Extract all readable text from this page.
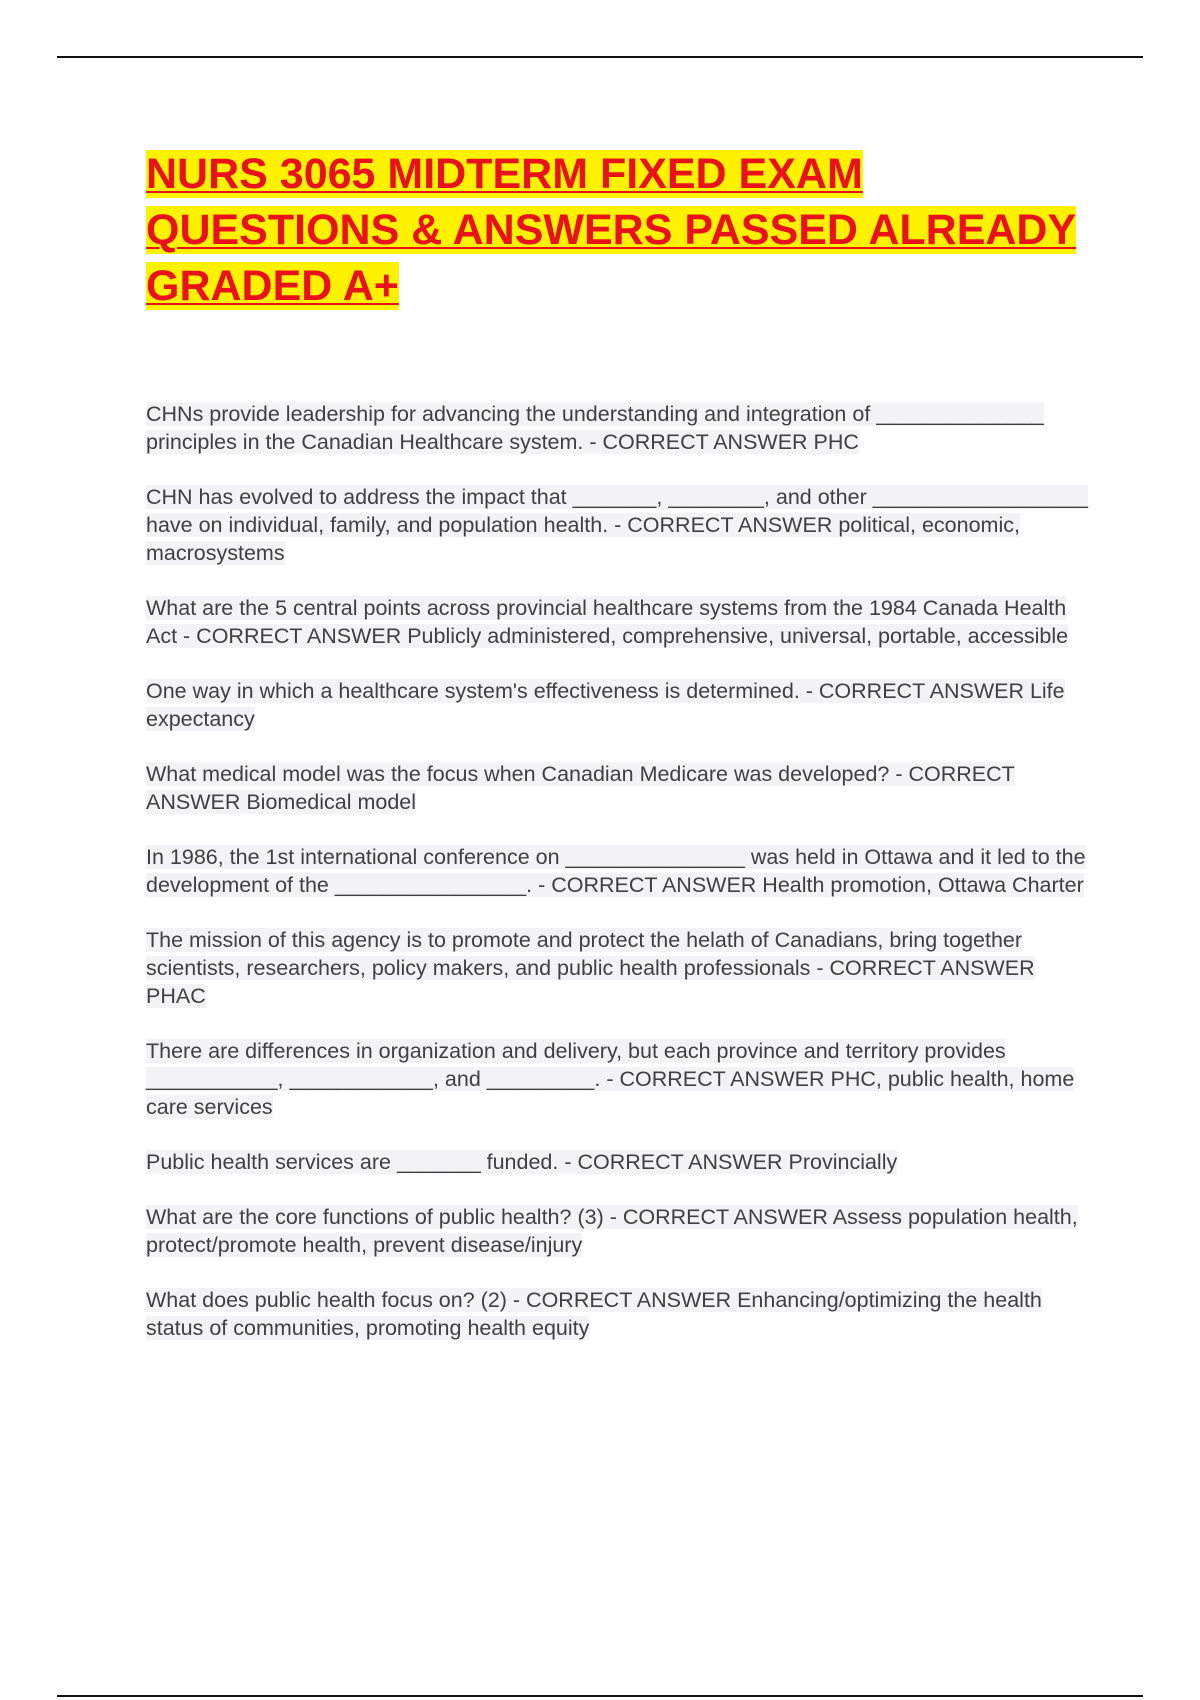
NURS 3065 MIDTERM FIXED EXAM QUESTIONS & ANSWERS PASSED ALREADY GRADED A+

CHNs provide leadership for advancing the understanding and integration of ______________ principles in the Canadian Healthcare system. - CORRECT ANSWER PHC

CHN has evolved to address the impact that _______, ________, and other __________________ have on individual, family, and population health. - CORRECT ANSWER political, economic, macrosystems

What are the 5 central points across provincial healthcare systems from the 1984 Canada Health Act - CORRECT ANSWER Publicly administered, comprehensive, universal, portable, accessible

One way in which a healthcare system's effectiveness is determined. - CORRECT ANSWER Life expectancy

What medical model was the focus when Canadian Medicare was developed? - CORRECT ANSWER Biomedical model

In 1986, the 1st international conference on _______________ was held in Ottawa and it led to the development of the ________________. - CORRECT ANSWER Health promotion, Ottawa Charter

The mission of this agency is to promote and protect the helath of Canadians, bring together scientists, researchers, policy makers, and public health professionals - CORRECT ANSWER PHAC

There are differences in organization and delivery, but each province and territory provides ___________, ____________, and _________. - CORRECT ANSWER PHC, public health, home care services

Public health services are _______ funded. - CORRECT ANSWER Provincially

What are the core functions of public health? (3) - CORRECT ANSWER Assess population health, protect/promote health, prevent disease/injury

What does public health focus on? (2) - CORRECT ANSWER Enhancing/optimizing the health status of communities, promoting health equity
